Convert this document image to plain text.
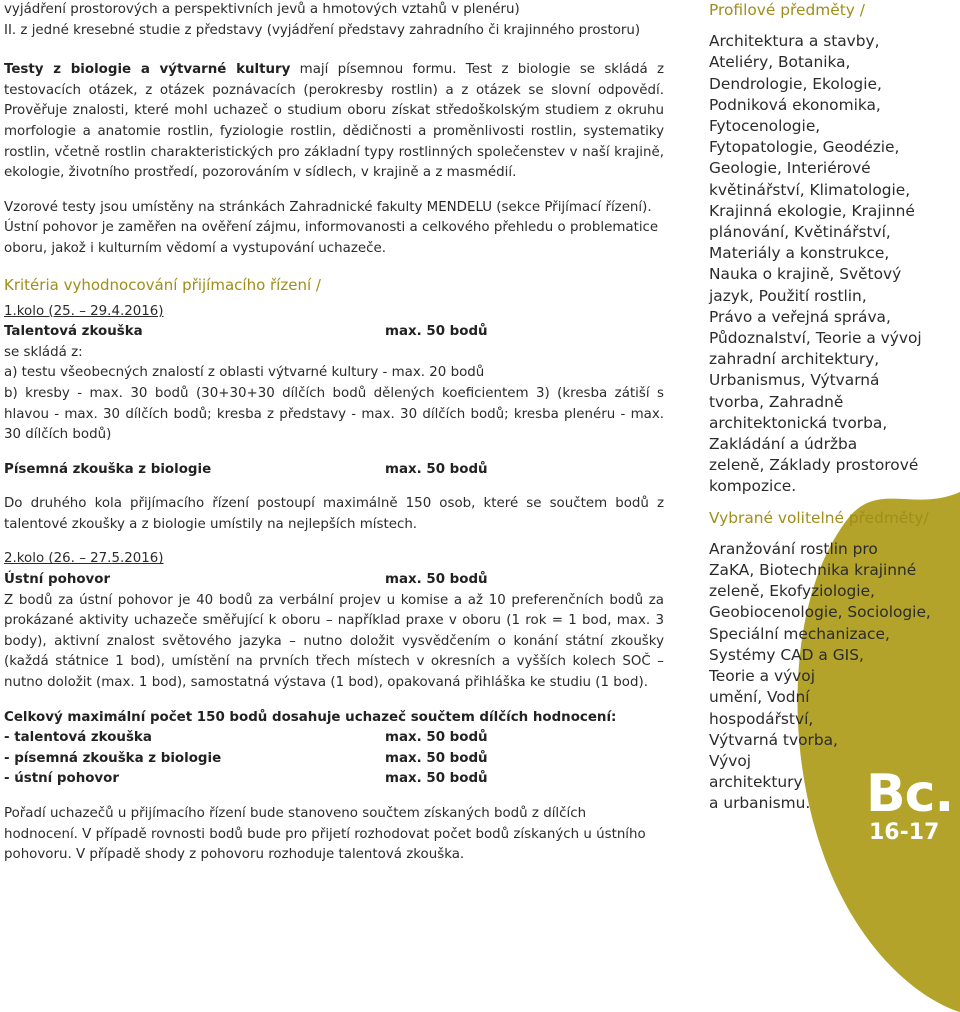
Bc.
16-17

vyjádření prostorových a perspektivních jevů a hmotových vztahů v plenéru)

II. z jedné kresebné studie z představy (vyjádření představy zahradního či krajinného prostoru)

Testy z biologie a výtvarné kultury mají písemnou formu. Test z biologie se skládá z testovacích otázek, z otázek poznávacích (perokresby rostlin) a z otázek se slovní odpovědí. Prověřuje znalosti, které mohl uchazeč o studium oboru získat středoškolským studiem z okruhu morfologie a anatomie rostlin, fyziologie rostlin, dědičnosti a proměnlivosti rostlin, systematiky rostlin, včetně rostlin charakteristických pro základní typy rostlinných společenstev v naší krajině, ekologie, životního prostředí, pozorováním v sídlech, v krajině a z masmédií.

Vzorové testy jsou umístěny na stránkách Zahradnické fakulty MENDELU (sekce Přijímací řízení). Ústní pohovor je zaměřen na ověření zájmu, informovanosti a celkového přehledu o problematice oboru, jakož i kulturním vědomí a vystupování uchazeče.

Kritéria vyhodnocování přijímacího řízení /

1.kolo (25. – 29.4.2016)

Talentová zkouška	max. 50 bodů

se skládá z:

a) testu všeobecných znalostí z oblasti výtvarné kultury - max. 20 bodů

b) kresby - max. 30 bodů (30+30+30 dílčích bodů dělených koeficientem 3) (kresba zátiší s hlavou - max. 30 dílčích bodů; kresba z představy - max. 30 dílčích bodů; kresba plenéru - max. 30 dílčích bodů)

Písemná zkouška z biologie	max. 50 bodů

Do druhého kola přijímacího řízení postoupí maximálně 150 osob, které se součtem bodů z talentové zkoušky a z biologie umístily na nejlepších místech.

2.kolo (26. – 27.5.2016)

Ústní pohovor	max. 50 bodů

Z bodů za ústní pohovor je 40 bodů za verbální projev u komise a až 10 preferenčních bodů za prokázané aktivity uchazeče směřující k oboru – například praxe v oboru (1 rok = 1 bod, max. 3 body), aktivní znalost světového jazyka – nutno doložit vysvědčením o konání státní zkoušky (každá státnice 1 bod), umístění na prvních třech místech v okresních a vyšších kolech SOČ – nutno doložit (max. 1 bod), samostatná výstava (1 bod), opakovaná přihláška ke studiu (1 bod).

Celkový maximální počet 150 bodů dosahuje uchazeč součtem dílčích hodnocení:

- talentová zkouška	max. 50 bodů
- písemná zkouška z biologie	max. 50 bodů
- ústní pohovor	max. 50 bodů

Pořadí uchazečů u přijímacího řízení bude stanoveno součtem získaných bodů z dílčích hodnocení. V případě rovnosti bodů bude pro přijetí rozhodovat počet bodů získaných u ústního pohovoru. V případě shody z pohovoru rozhoduje talentová zkouška.

Profilové předměty /

Architektura a stavby,
Ateliéry, Botanika,
Dendrologie, Ekologie,
Podniková ekonomika,
Fytocenologie,
Fytopatologie, Geodézie,
Geologie, Interiérové
květinářství, Klimatologie,
Krajinná ekologie, Krajinné
plánování, Květinářství,
Materiály a konstrukce,
Nauka o krajině, Světový
jazyk, Použití rostlin,
Právo a veřejná správa,
Půdoznalství, Teorie a vývoj
zahradní architektury,
Urbanismus, Výtvarná
tvorba, Zahradně
architektonická tvorba,
Zakládání a údržba
zeleně, Základy prostorové
kompozice.

Vybrané volitelné předměty/

Aranžování rostlin pro
ZaKA, Biotechnika krajinné
zeleně, Ekofyziologie,
Geobiocenologie, Sociologie,
Speciální mechanizace,
Systémy CAD a GIS,
Teorie a vývoj
umění, Vodní
hospodářství,
Výtvarná tvorba,
Vývoj
architektury
a urbanismu.
